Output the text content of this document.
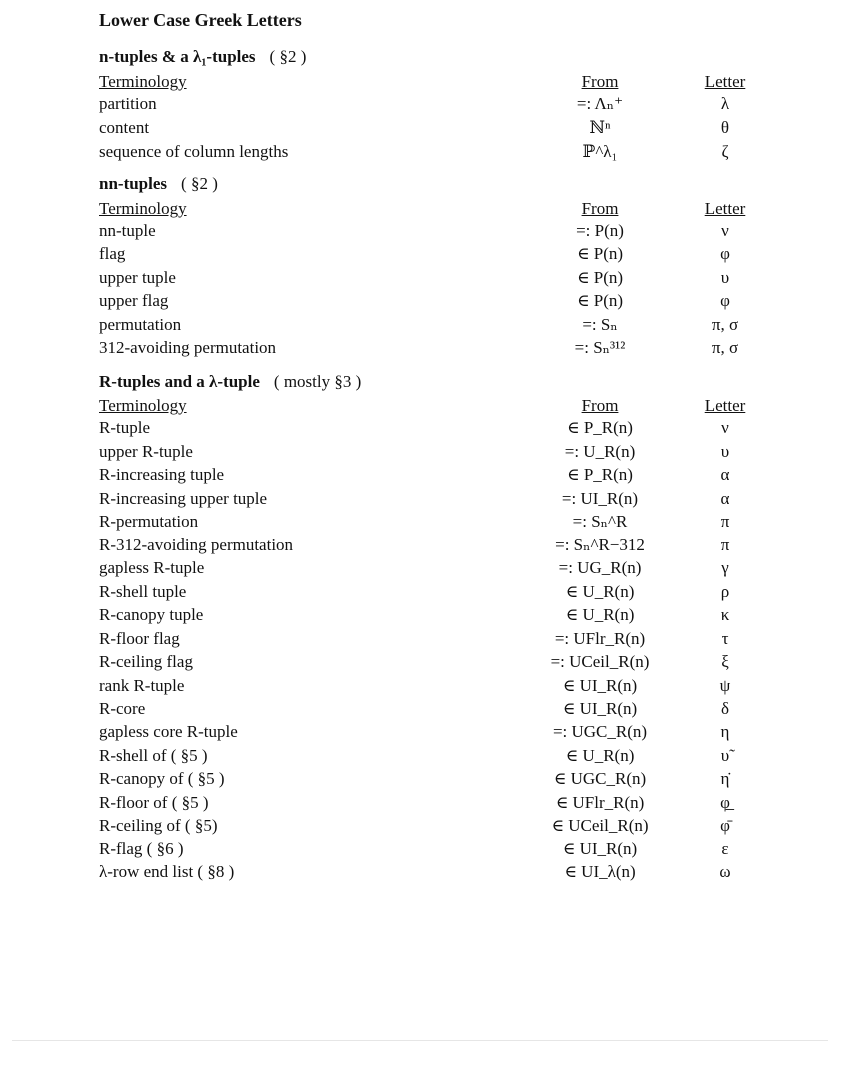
Lower Case Greek Letters
n-tuples & a λ₁-tuples ( §2 )
Terminology	From	Letter
partition	=: Λₙ⁺	λ
content	ℕⁿ	θ
sequence of column lengths	ℙ^λ₁	ζ
nn-tuples ( §2 )
Terminology	From	Letter
nn-tuple	=: P(n)	ν
flag	∈ P(n)	φ
upper tuple	∈ P(n)	υ
upper flag	∈ P(n)	φ
permutation	=: Sₙ	π, σ
312-avoiding permutation	=: Sₙ³¹²	π, σ
R-tuples and a λ-tuple ( mostly §3 )
Terminology	From	Letter
R-tuple	∈ P_R(n)	ν
upper R-tuple	=: U_R(n)	υ
R-increasing tuple	∈ P_R(n)	α
R-increasing upper tuple	=: UI_R(n)	α
R-permutation	=: Sₙ^R	π
R-312-avoiding permutation	=: Sₙ^R−312	π
gapless R-tuple	=: UG_R(n)	γ
R-shell tuple	∈ U_R(n)	ρ
R-canopy tuple	∈ U_R(n)	κ
R-floor flag	=: UFlr_R(n)	τ
R-ceiling flag	=: UCeil_R(n)	ξ
rank R-tuple	∈ UI_R(n)	ψ
R-core	∈ UI_R(n)	δ
gapless core R-tuple	=: UGC_R(n)	η
R-shell of ( §5 )	∈ U_R(n)	υ̃
R-canopy of ( §5 )	∈ UGC_R(n)	η̇
R-floor of ( §5 )	∈ UFlr_R(n)	φ̲
R-ceiling of ( §5)	∈ UCeil_R(n)	φ̄
R-flag ( §6 )	∈ UI_R(n)	ε
λ-row end list ( §8 )	∈ UI_λ(n)	ω
